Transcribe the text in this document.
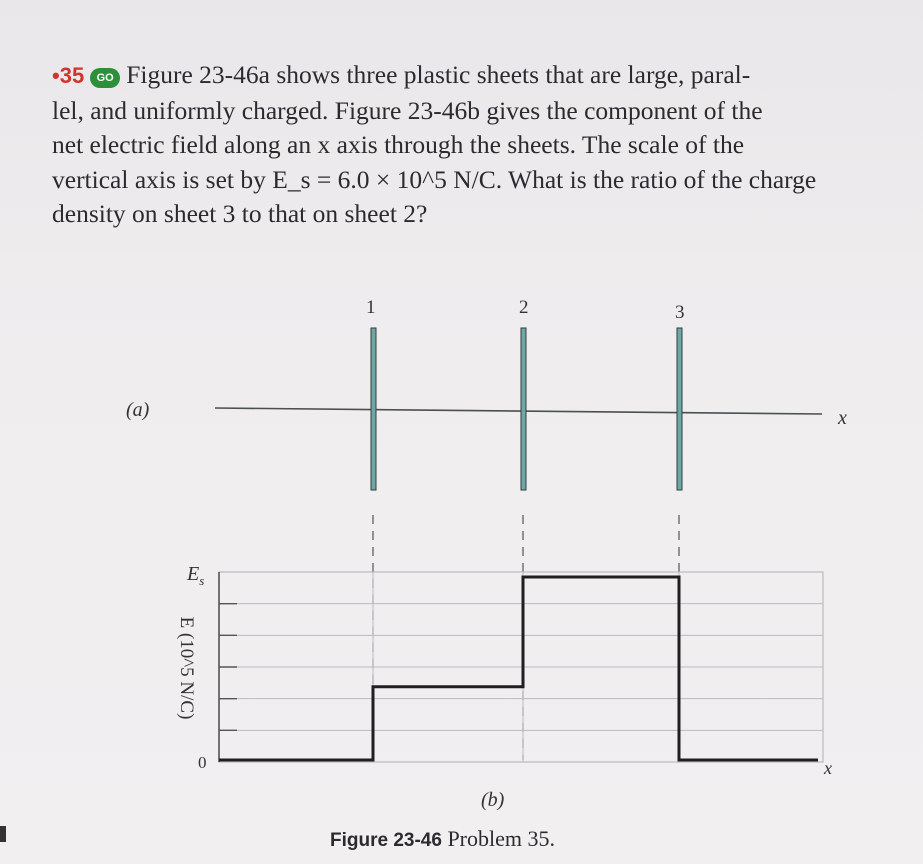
•35 GO Figure 23-46a shows three plastic sheets that are large, paral-
lel, and uniformly charged. Figure 23-46b gives the component of the
net electric field along an x axis through the sheets. The scale of the
vertical axis is set by E_s = 6.0 × 10^5 N/C. What is the ratio of the charge
density on sheet 3 to that on sheet 2?
(a)	x
1	2	3
$E_s$
0	x
E (10^5 N/C)
(b)
Figure 23-46 Problem 35.
